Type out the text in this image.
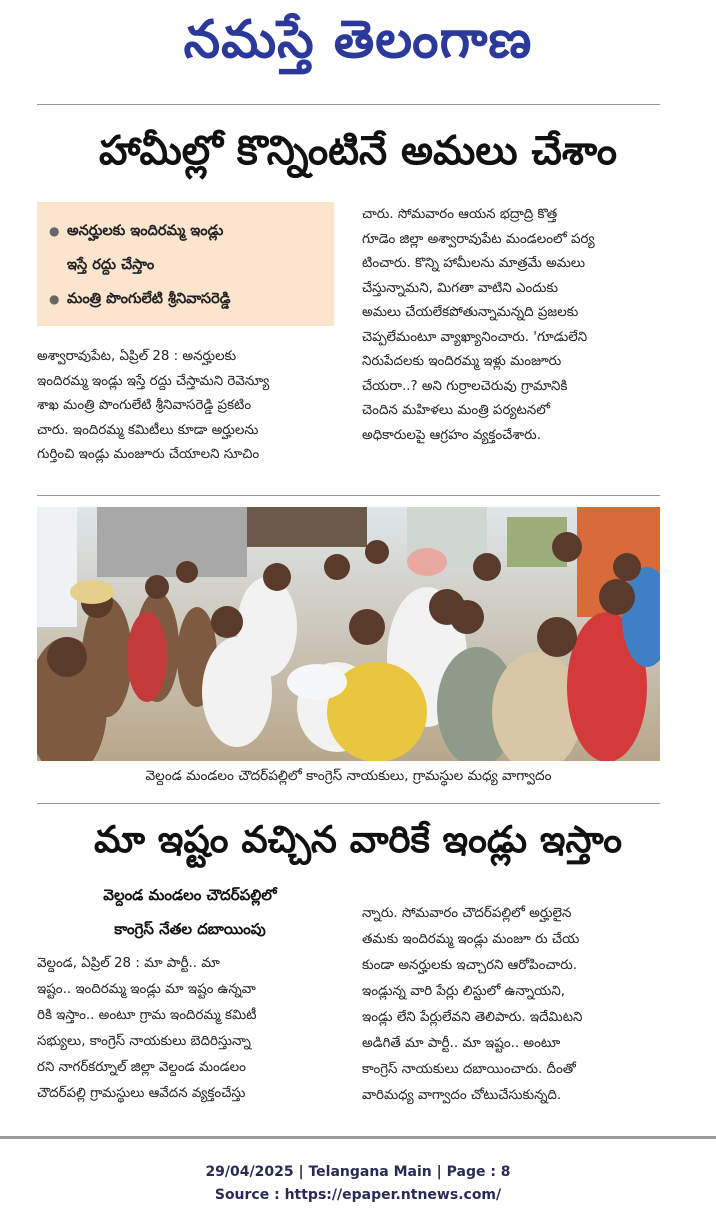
నమస్తే తెలంగాణ
హామీల్లో కొన్నింటినే అమలు చేశాం
● అనర్హులకు ఇందిరమ్మ ఇండ్లు
ఇస్తే రద్దు చేస్తాం
● మంత్రి పొంగులేటి శ్రీనివాసరెడ్డి

అశ్వారావుపేట, ఏప్రిల్ 28 : అనర్హులకు

ఇందిరమ్మ ఇండ్లు ఇస్తే రద్దు చేస్తామని రెవెన్యూ

శాఖ మంత్రి పొంగులేటి శ్రీనివాసరెడ్డి ప్రకటిం

చారు. ఇందిరమ్మ కమిటీలు కూడా అర్హులను

గుర్తించి ఇండ్లు మంజూరు చేయాలని సూచిం

చారు. సోమవారం ఆయన భద్రాద్రి కొత్త

గూడెం జిల్లా అశ్వారావుపేట మండలంలో పర్య

టించారు. కొన్ని హామీలను మాత్రమే అమలు

చేస్తున్నామని, మిగతా వాటిని ఎందుకు

అమలు చేయలేకపోతున్నామన్నది ప్రజలకు

చెప్పలేమంటూ వ్యాఖ్యానించారు. 'గూడులేని

నిరుపేదలకు ఇందిరమ్మ ఇళ్లు మంజూరు

చేయరా..? అని గుర్రాలచెరువు గ్రామానికి

చెందిన మహిళలు మంత్రి పర్యటనలో

అధికారులపై ఆగ్రహం వ్యక్తంచేశారు.

వెల్దండ మండలం చౌదర్‌పల్లిలో కాంగ్రెస్ నాయకులు, గ్రామస్థుల మధ్య వాగ్వాదం
మా ఇష్టం వచ్చిన వారికే ఇండ్లు ఇస్తాం
వెల్దండ మండలం చౌదర్‌పల్లిలో
కాంగ్రెస్ నేతల దబాయింపు

వెల్దండ, ఏప్రిల్ 28 : మా పార్టీ.. మా

ఇష్టం.. ఇందిరమ్మ ఇండ్లు మా ఇష్టం ఉన్నవా

రికి ఇస్తాం.. అంటూ గ్రామ ఇందిరమ్మ కమిటీ

సభ్యులు, కాంగ్రెస్ నాయకులు బెదిరిస్తున్నా

రని నాగర్‌కర్నూల్ జిల్లా వెల్దండ మండలం

చౌదర్‌పల్లి గ్రామస్థులు ఆవేదన వ్యక్తంచేస్తు

న్నారు. సోమవారం చౌదర్‌పల్లిలో అర్హులైన

తమకు ఇందిరమ్మ ఇండ్లు మంజూ రు చేయ

కుండా అనర్హులకు ఇచ్చారని ఆరోపించారు.

ఇండ్లున్న వారి పేర్లు లిస్టులో ఉన్నాయని,

ఇండ్లు లేని పేర్లులేవని తెలిపారు. ఇదేమిటని

అడిగితే మా పార్టీ.. మా ఇష్టం.. అంటూ

కాంగ్రెస్ నాయకులు దబాయించారు. దీంతో

వారిమధ్య వాగ్వాదం చోటుచేసుకున్నది.

29/04/2025 | Telangana Main | Page : 8
Source : https://epaper.ntnews.com/
